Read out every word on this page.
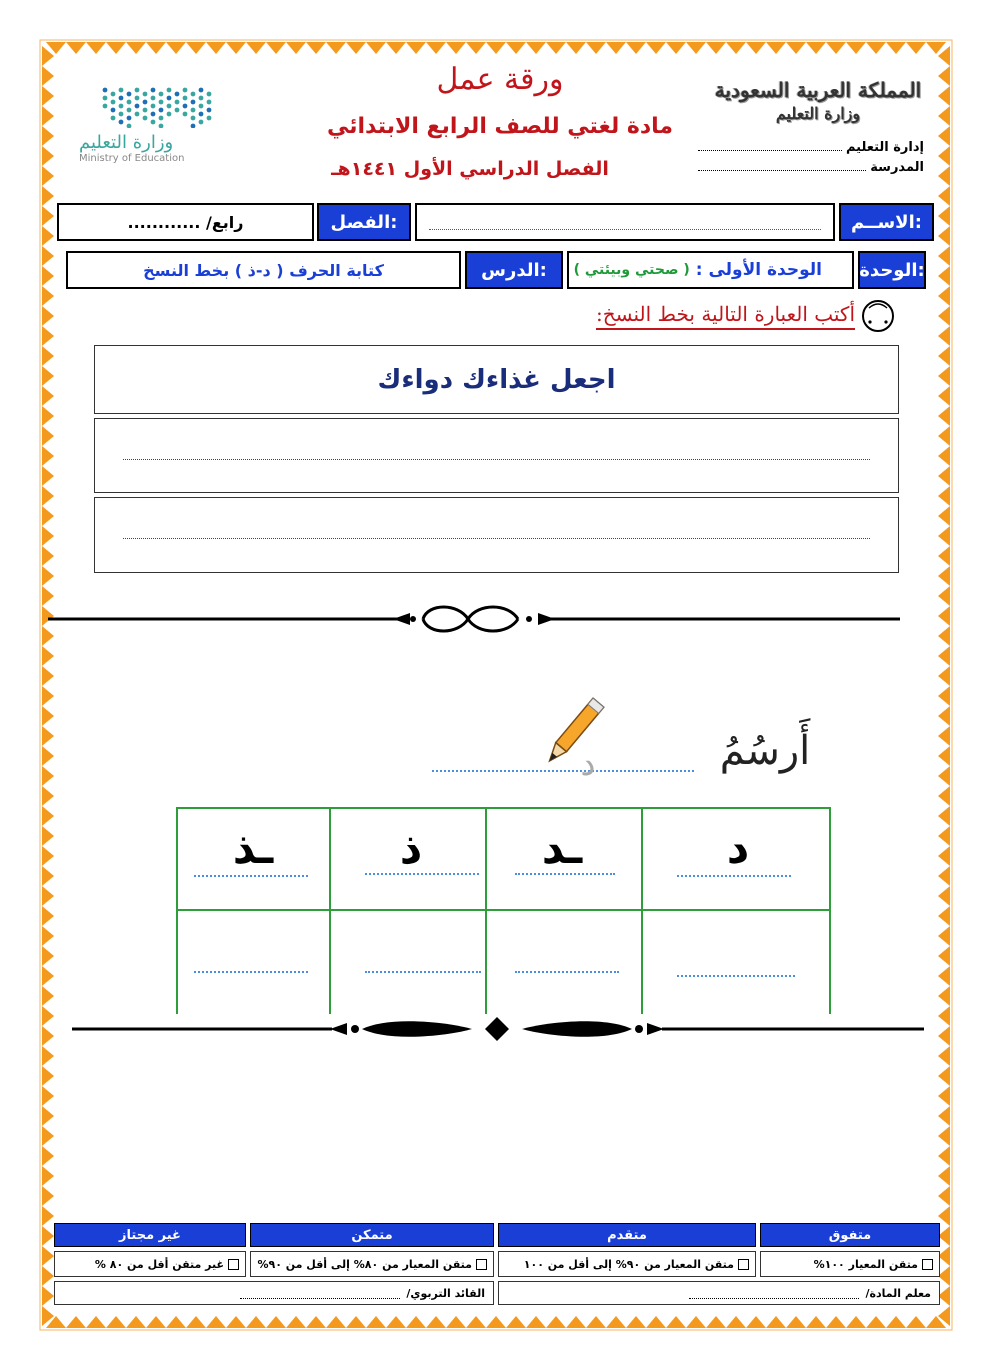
المملكة العربية السعودية
وزارة التعليم
إدارة التعليم
المدرسة
ورقة عمل
مادة لغتي للصف الرابع الابتدائي
الفصل الدراسي الأول ١٤٤١هـ
وزارة التعليم
Ministry of Education
الاســم:
الفصل:
رابع/ ............
الوحدة:
الوحدة الأولى :
( صحتي وبيئتي )
الدرس:
كتابة الحرف ( د-ذ ) بخط النسخ
أكتب العبارة التالية بخط النسخ:
اجعل غذاءك دواءك
أَرسُمُ
د
د
ـد
ذ
ـذ
متفوق
متقدم
متمكن
غير مجتاز
متقن المعيار ١٠٠%
متقن المعيار من ٩٠% إلى أقل من ١٠٠
متقن المعيار من ٨٠% إلى أقل من ٩٠%
غير متقن أقل من ٨٠ %
معلم المادة/
القائد التربوي/
